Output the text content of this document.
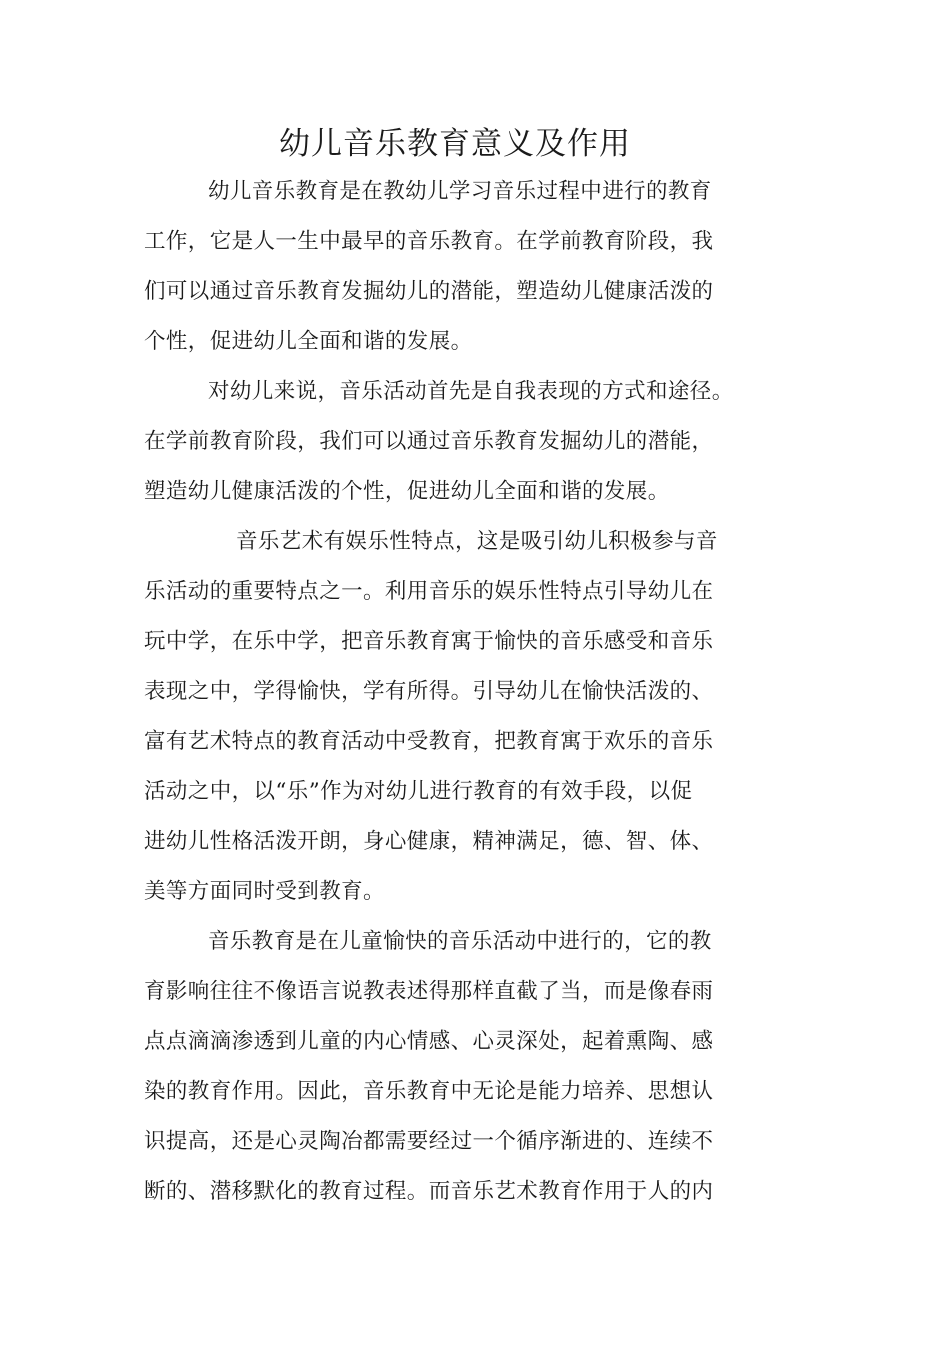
幼儿音乐教育意义及作用

幼儿音乐教育是在教幼儿学习音乐过程中进行的教育

工作，它是人一生中最早的音乐教育。在学前教育阶段，我

们可以通过音乐教育发掘幼儿的潜能，塑造幼儿健康活泼的

个性，促进幼儿全面和谐的发展。

对幼儿来说，音乐活动首先是自我表现的方式和途径。

在学前教育阶段，我们可以通过音乐教育发掘幼儿的潜能，

塑造幼儿健康活泼的个性，促进幼儿全面和谐的发展。

音乐艺术有娱乐性特点，这是吸引幼儿积极参与音

乐活动的重要特点之一。利用音乐的娱乐性特点引导幼儿在

玩中学，在乐中学，把音乐教育寓于愉快的音乐感受和音乐

表现之中，学得愉快，学有所得。引导幼儿在愉快活泼的、

富有艺术特点的教育活动中受教育，把教育寓于欢乐的音乐

活动之中，以“乐”作为对幼儿进行教育的有效手段，以促

进幼儿性格活泼开朗，身心健康，精神满足，德、智、体、

美等方面同时受到教育。

音乐教育是在儿童愉快的音乐活动中进行的，它的教

育影响往往不像语言说教表述得那样直截了当，而是像春雨

点点滴滴渗透到儿童的内心情感、心灵深处，起着熏陶、感

染的教育作用。因此，音乐教育中无论是能力培养、思想认

识提高，还是心灵陶冶都需要经过一个循序渐进的、连续不

断的、潜移默化的教育过程。而音乐艺术教育作用于人的内
